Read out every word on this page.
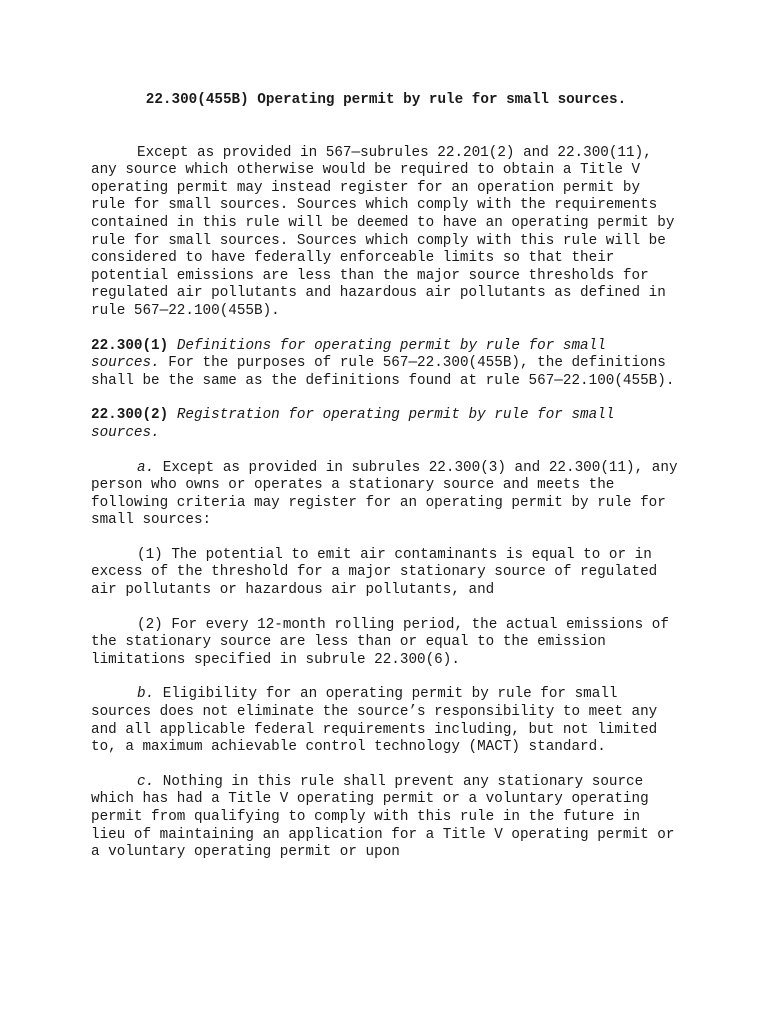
22.300(455B) Operating permit by rule for small sources.

Except as provided in 567—subrules 22.201(2) and 22.300(11), any source which otherwise would be required to obtain a Title V operating permit may instead register for an operation permit by rule for small sources. Sources which comply with the requirements contained in this rule will be deemed to have an operating permit by rule for small sources. Sources which comply with this rule will be considered to have federally enforceable limits so that their potential emissions are less than the major source thresholds for regulated air pollutants and hazardous air pollutants as defined in rule 567—22.100(455B).

22.300(1) Definitions for operating permit by rule for small sources. For the purposes of rule 567—22.300(455B), the definitions shall be the same as the definitions found at rule 567—22.100(455B).

22.300(2) Registration for operating permit by rule for small sources.

a. Except as provided in subrules 22.300(3) and 22.300(11), any person who owns or operates a stationary source and meets the following criteria may register for an operating permit by rule for small sources:

(1) The potential to emit air contaminants is equal to or in excess of the threshold for a major stationary source of regulated air pollutants or hazardous air pollutants, and

(2) For every 12-month rolling period, the actual emissions of the stationary source are less than or equal to the emission limitations specified in subrule 22.300(6).

b. Eligibility for an operating permit by rule for small sources does not eliminate the source’s responsibility to meet any and all applicable federal requirements including, but not limited to, a maximum achievable control technology (MACT) standard.

c. Nothing in this rule shall prevent any stationary source which has had a Title V operating permit or a voluntary operating permit from qualifying to comply with this rule in the future in lieu of maintaining an application for a Title V operating permit or a voluntary operating permit or upon
